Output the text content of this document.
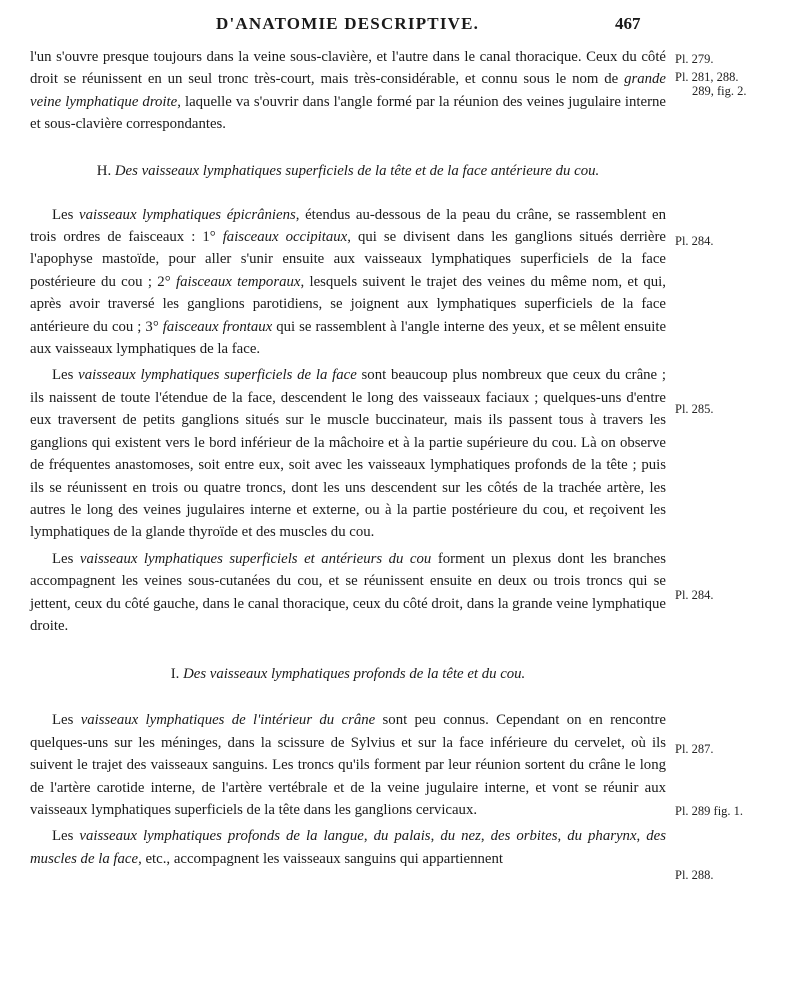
D'ANATOMIE DESCRIPTIVE.	467

l'un s'ouvre presque toujours dans la veine sous-clavière, et l'autre dans le canal thoracique. Ceux du côté droit se réunissent en un seul tronc très-court, mais très-considérable, et connu sous le nom de grande veine lymphatique droite, laquelle va s'ouvrir dans l'angle formé par la réunion des veines jugulaire interne et sous-clavière correspondantes.

H. Des vaisseaux lymphatiques superficiels de la tête et de la face antérieure du cou.

Les vaisseaux lymphatiques épicrâniens, étendus au-dessous de la peau du crâne, se rassemblent en trois ordres de faisceaux : 1° faisceaux occipitaux, qui se divisent dans les ganglions situés derrière l'apophyse mastoïde, pour aller s'unir ensuite aux vaisseaux lymphatiques superficiels de la face postérieure du cou ; 2° faisceaux temporaux, lesquels suivent le trajet des veines du même nom, et qui, après avoir traversé les ganglions parotidiens, se joignent aux lymphatiques superficiels de la face antérieure du cou ; 3° faisceaux frontaux qui se rassemblent à l'angle interne des yeux, et se mêlent ensuite aux vaisseaux lymphatiques de la face.

Les vaisseaux lymphatiques superficiels de la face sont beaucoup plus nombreux que ceux du crâne ; ils naissent de toute l'étendue de la face, descendent le long des vaisseaux faciaux ; quelques-uns d'entre eux traversent de petits ganglions situés sur le muscle buccinateur, mais ils passent tous à travers les ganglions qui existent vers le bord inférieur de la mâchoire et à la partie supérieure du cou. Là on observe de fréquentes anastomoses, soit entre eux, soit avec les vaisseaux lymphatiques profonds de la tête ; puis ils se réunissent en trois ou quatre troncs, dont les uns descendent sur les côtés de la trachée artère, les autres le long des veines jugulaires interne et externe, ou à la partie postérieure du cou, et reçoivent les lymphatiques de la glande thyroïde et des muscles du cou.

Les vaisseaux lymphatiques superficiels et antérieurs du cou forment un plexus dont les branches accompagnent les veines sous-cutanées du cou, et se réunissent ensuite en deux ou trois troncs qui se jettent, ceux du côté gauche, dans le canal thoracique, ceux du côté droit, dans la grande veine lymphatique droite.

I. Des vaisseaux lymphatiques profonds de la tête et du cou.

Les vaisseaux lymphatiques de l'intérieur du crâne sont peu connus. Cependant on en rencontre quelques-uns sur les méninges, dans la scissure de Sylvius et sur la face inférieure du cervelet, où ils suivent le trajet des vaisseaux sanguins. Les troncs qu'ils forment par leur réunion sortent du crâne le long de l'artère carotide interne, de l'artère vertébrale et de la veine jugulaire interne, et vont se réunir aux vaisseaux lymphatiques superficiels de la tête dans les ganglions cervicaux.

Les vaisseaux lymphatiques profonds de la langue, du palais, du nez, des orbites, du pharynx, des muscles de la face, etc., accompagnent les vaisseaux sanguins qui appartiennent

Pl. 279.
Pl. 281, 288.
289, fig. 2.
Pl. 284.
Pl. 285.
Pl. 284.
Pl. 287.
Pl. 289 fig. 1.
Pl. 288.
